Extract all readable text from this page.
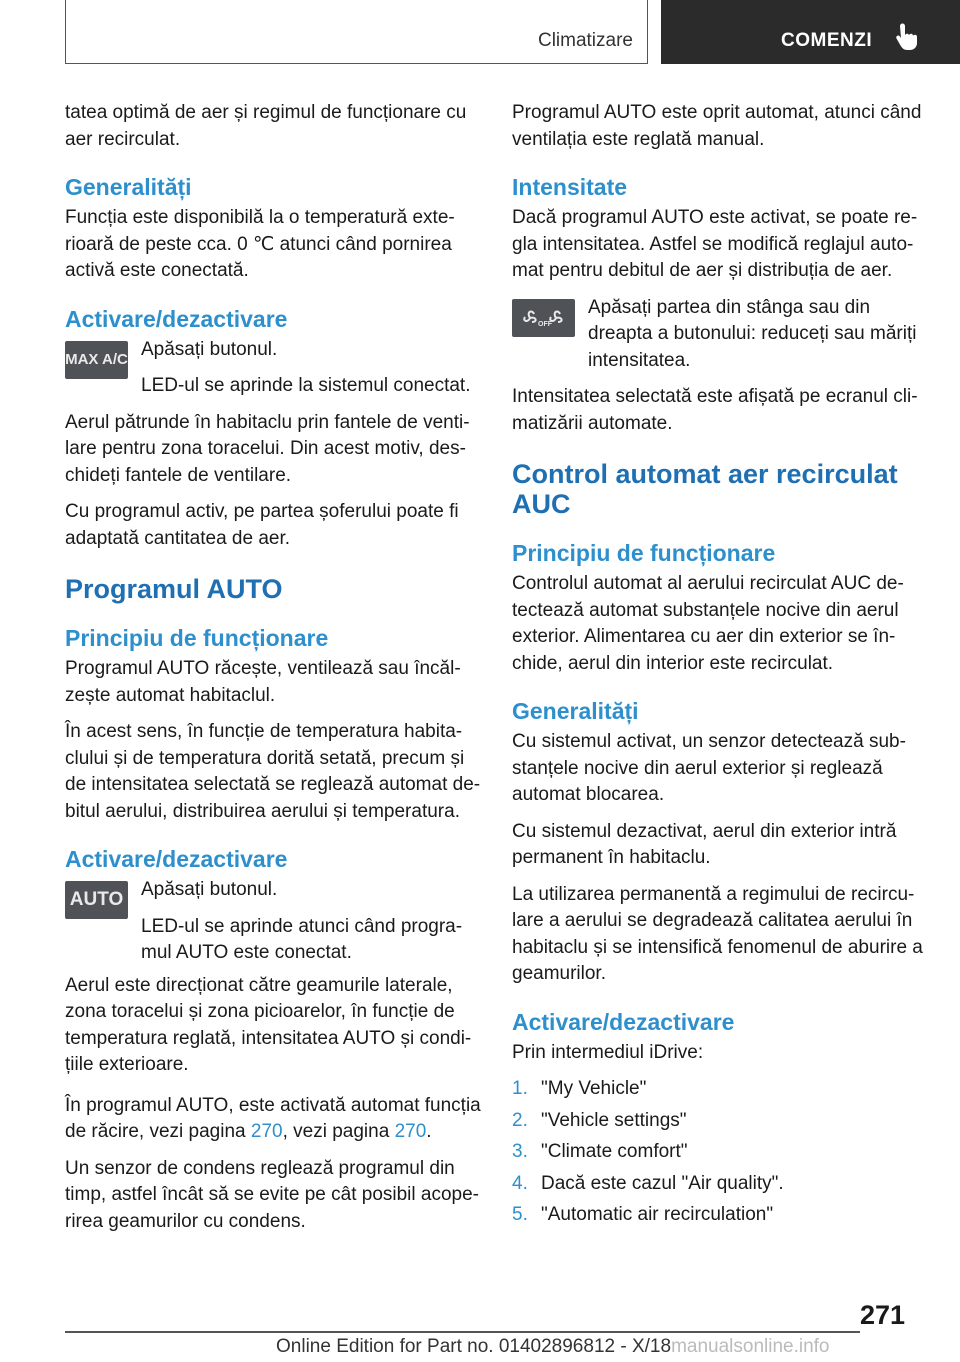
Climatizare	COMENZI

tatea optimă de aer și regimul de funcționare cu aer recirculat.

Generalități

Funcția este disponibilă la o temperatură exterioară de peste cca. 0 ℃ atunci când pornirea activă este conectată.

Activare/dezactivare
MAX A/C Apăsați butonul.

LED-ul se aprinde la sistemul conectat.

Aerul pătrunde în habitaclu prin fantele de ventilare pentru zona toracelui. Din acest motiv, deschideți fantele de ventilare.

Cu programul activ, pe partea șoferului poate fi adaptată cantitatea de aer.

Programul AUTO
Principiu de funcționare

Programul AUTO răcește, ventilează sau încălzește automat habitaclul.

În acest sens, în funcție de temperatura habitaclului și de temperatura dorită setată, precum și de intensitatea selectată se reglează automat debitul aerului, distribuirea aerului și temperatura.

Activare/dezactivare
AUTO Apăsați butonul.

LED-ul se aprinde atunci când programul AUTO este conectat.

Aerul este direcționat către geamurile laterale, zona toracelui și zona picioarelor, în funcție de temperatura reglată, intensitatea AUTO și condițiile exterioare.

În programul AUTO, este activată automat funcția de răcire, vezi pagina 270, vezi pagina 270.

Un senzor de condens reglează programul din timp, astfel încât să se evite pe cât posibil acoperirea geamurilor cu condens.

Programul AUTO este oprit automat, atunci când ventilația este reglată manual.

Intensitate

Dacă programul AUTO este activat, se poate regla intensitatea. Astfel se modifică reglajul automat pentru debitul de aer și distribuția de aer.

OFF

Apăsați partea din stânga sau din dreapta a butonului: reduceți sau măriți intensitatea.

Intensitatea selectată este afișată pe ecranul climatizării automate.

Control automat aer recirculat AUC
Principiu de funcționare

Controlul automat al aerului recirculat AUC detectează automat substanțele nocive din aerul exterior. Alimentarea cu aer din exterior se închide, aerul din interior este recirculat.

Generalități

Cu sistemul activat, un senzor detectează substanțele nocive din aerul exterior și reglează automat blocarea.

Cu sistemul dezactivat, aerul din exterior intră permanent în habitaclu.

La utilizarea permanentă a regimului de recirculare a aerului se degradează calitatea aerului în habitaclu și se intensifică fenomenul de aburire a geamurilor.

Activare/dezactivare

Prin intermediul iDrive:

1. "My Vehicle"
2. "Vehicle settings"
3. "Climate comfort"
4. Dacă este cazul "Air quality".
5. "Automatic air recirculation"
271
Online Edition for Part no. 01402896812 - X/18manualsonline.info
